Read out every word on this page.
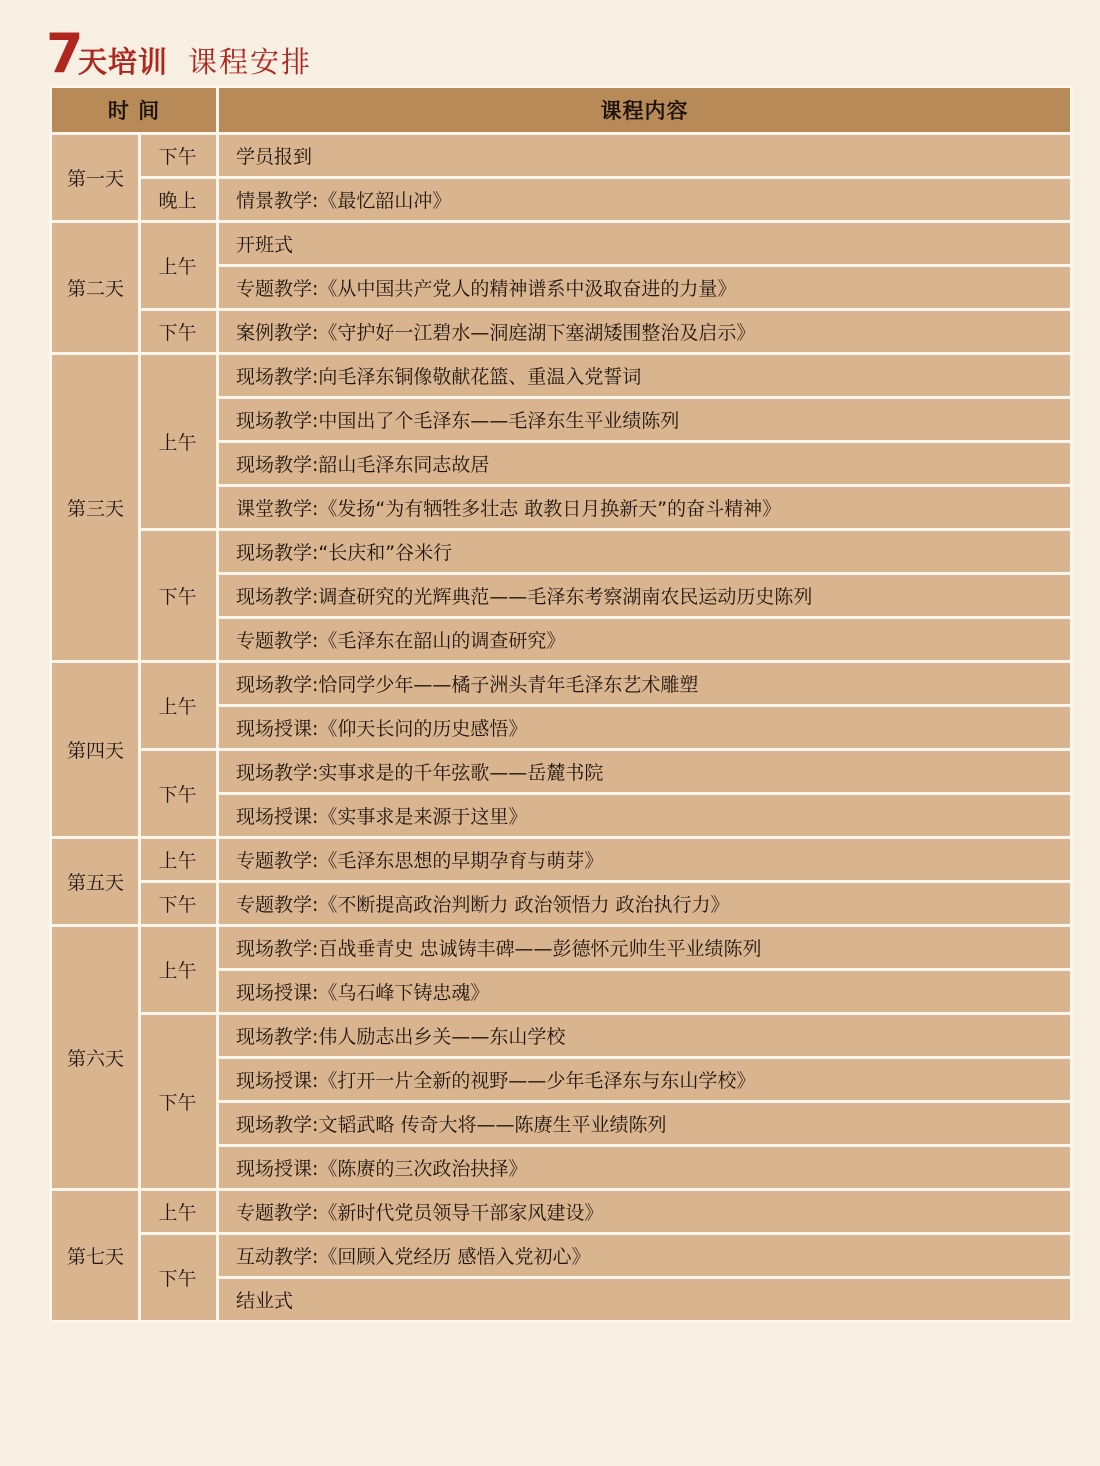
7
天培训 课程安排
时 间		课程内容
第一天	下午	学员报到
	晚上	情景教学:《最忆韶山冲》
第二天	上午	开班式
		专题教学:《从中国共产党人的精神谱系中汲取奋进的力量》
	下午	案例教学:《守护好一江碧水—洞庭湖下塞湖矮围整治及启示》
第三天	上午	现场教学:向毛泽东铜像敬献花篮、重温入党誓词
		现场教学:中国出了个毛泽东——毛泽东生平业绩陈列
		现场教学:韶山毛泽东同志故居
		课堂教学:《发扬“为有牺牲多壮志 敢教日月换新天”的奋斗精神》
	下午	现场教学:“长庆和”谷米行
		现场教学:调查研究的光辉典范——毛泽东考察湖南农民运动历史陈列
		专题教学:《毛泽东在韶山的调查研究》
第四天	上午	现场教学:恰同学少年——橘子洲头青年毛泽东艺术雕塑
		现场授课:《仰天长问的历史感悟》
	下午	现场教学:实事求是的千年弦歌——岳麓书院
		现场授课:《实事求是来源于这里》
第五天	上午	专题教学:《毛泽东思想的早期孕育与萌芽》
	下午	专题教学:《不断提高政治判断力 政治领悟力 政治执行力》
第六天	上午	现场教学:百战垂青史 忠诚铸丰碑——彭德怀元帅生平业绩陈列
		现场授课:《乌石峰下铸忠魂》
	下午	现场教学:伟人励志出乡关——东山学校
		现场授课:《打开一片全新的视野——少年毛泽东与东山学校》
		现场教学:文韬武略 传奇大将——陈赓生平业绩陈列
		现场授课:《陈赓的三次政治抉择》
第七天	上午	专题教学:《新时代党员领导干部家风建设》
	下午	互动教学:《回顾入党经历 感悟入党初心》
		结业式
